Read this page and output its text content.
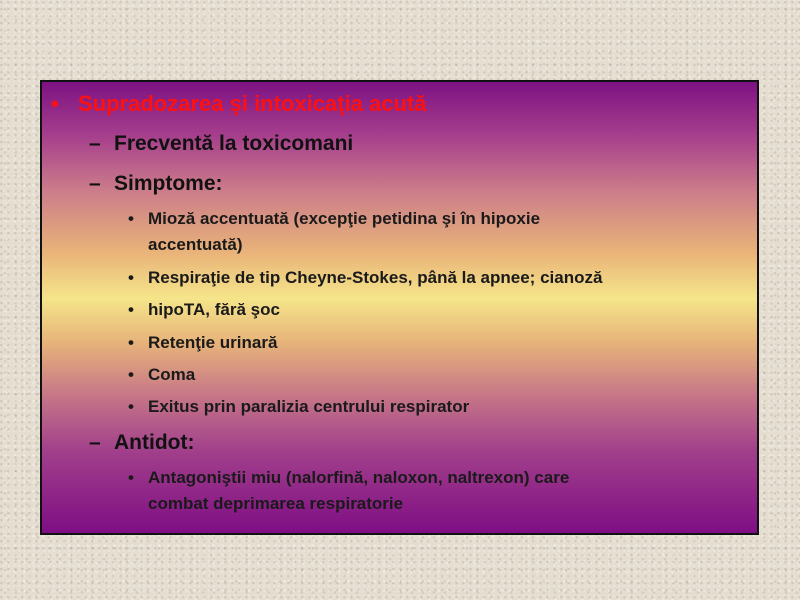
• Supradozarea şi intoxicaţia acută
– Frecventă la toxicomani
– Simptome:
• Mioză accentuată (excepţie petidina şi în hipoxie
accentuată)
• Respiraţie de tip Cheyne-Stokes, până la apnee; cianoză
• hipoTA, fără şoc
• Retenţie urinară
• Coma
• Exitus prin paralizia centrului respirator
– Antidot:
• Antagoniştii miu (nalorfină, naloxon, naltrexon) care
combat deprimarea respiratorie
